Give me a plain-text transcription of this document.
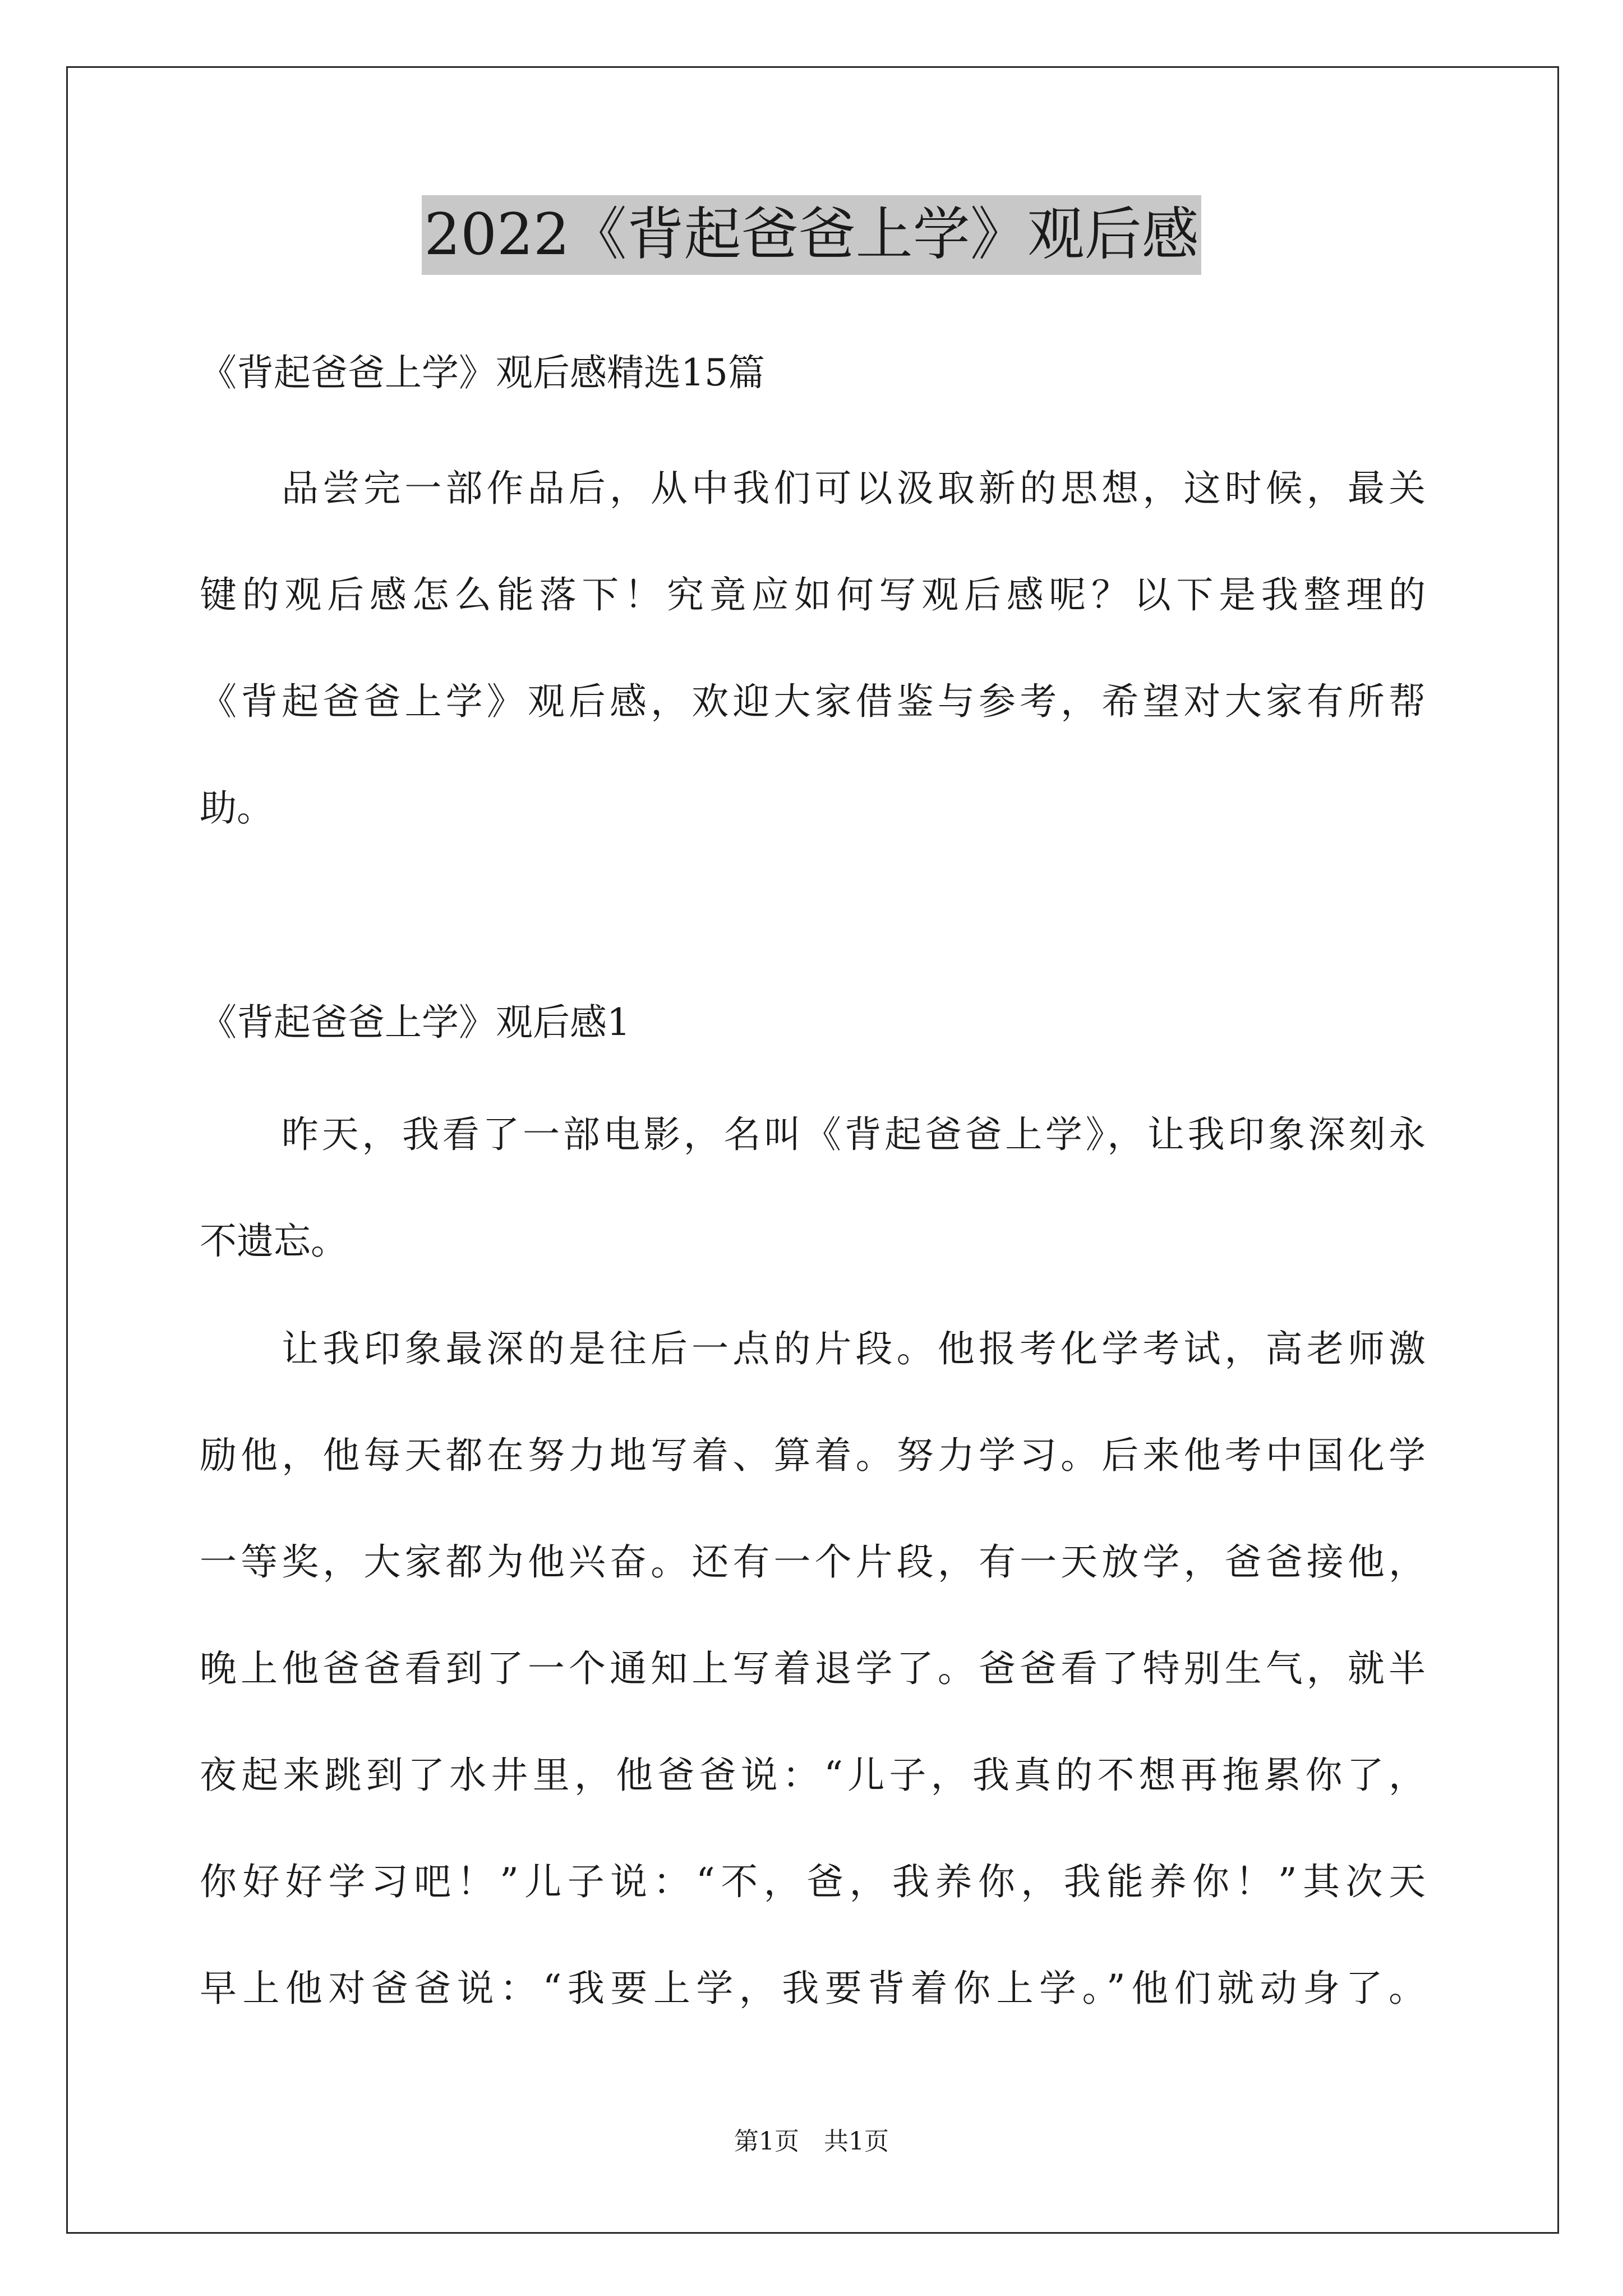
2022《背起爸爸上学》观后感
《背起爸爸上学》观后感精选15篇
品尝完一部作品后，从中我们可以汲取新的思想，这时候，最关
键的观后感怎么能落下！究竟应如何写观后感呢？以下是我整理的
《背起爸爸上学》观后感，欢迎大家借鉴与参考，希望对大家有所帮
助。
《背起爸爸上学》观后感1
昨天，我看了一部电影，名叫《背起爸爸上学》，让我印象深刻永
不遗忘。
让我印象最深的是往后一点的片段。他报考化学考试，高老师激
励他，他每天都在努力地写着、算着。努力学习。后来他考中国化学
一等奖，大家都为他兴奋。还有一个片段，有一天放学，爸爸接他，
晚上他爸爸看到了一个通知上写着退学了。爸爸看了特别生气，就半
夜起来跳到了水井里，他爸爸说：“儿子，我真的不想再拖累你了，
你好好学习吧！”儿子说：“不，爸，我养你，我能养你！”其次天
早上他对爸爸说：“我要上学，我要背着你上学。”他们就动身了。
第1页　共1页
